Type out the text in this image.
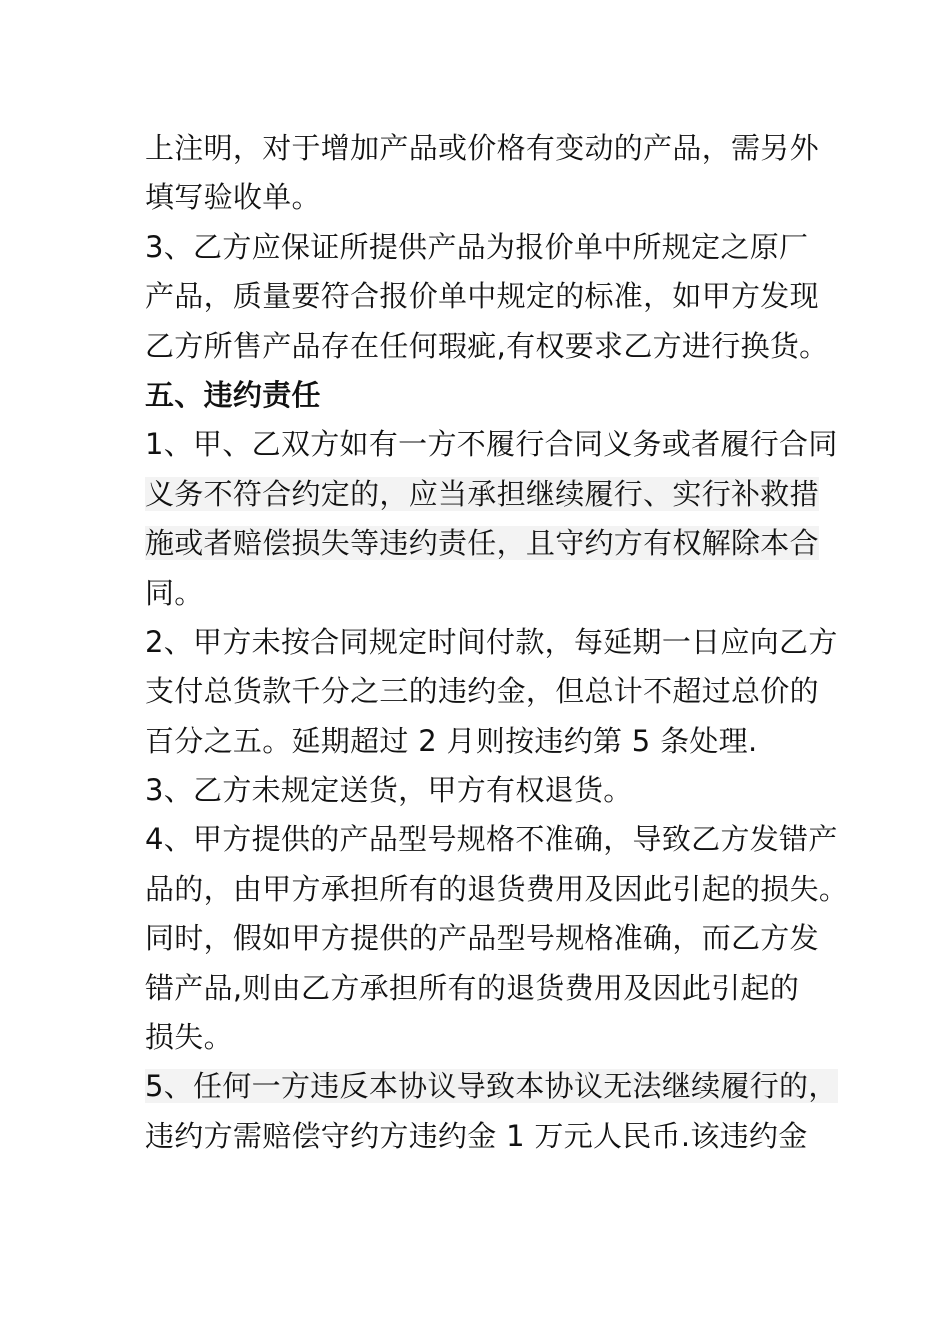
上注明，对于增加产品或价格有变动的产品，需另外
填写验收单。
3、乙方应保证所提供产品为报价单中所规定之原厂
产品，质量要符合报价单中规定的标准，如甲方发现
乙方所售产品存在任何瑕疵,有权要求乙方进行换货。
五、违约责任
1、甲、乙双方如有一方不履行合同义务或者履行合同
义务不符合约定的，应当承担继续履行、实行补救措
施或者赔偿损失等违约责任，且守约方有权解除本合
同。
2、甲方未按合同规定时间付款，每延期一日应向乙方
支付总货款千分之三的违约金，但总计不超过总价的
百分之五。延期超过 2 月则按违约第 5 条处理.
3、乙方未规定送货，甲方有权退货。
4、甲方提供的产品型号规格不准确，导致乙方发错产
品的，由甲方承担所有的退货费用及因此引起的损失。
同时，假如甲方提供的产品型号规格准确，而乙方发
错产品,则由乙方承担所有的退货费用及因此引起的
损失。
5、任何一方违反本协议导致本协议无法继续履行的，
违约方需赔偿守约方违约金 1 万元人民币.该违约金
